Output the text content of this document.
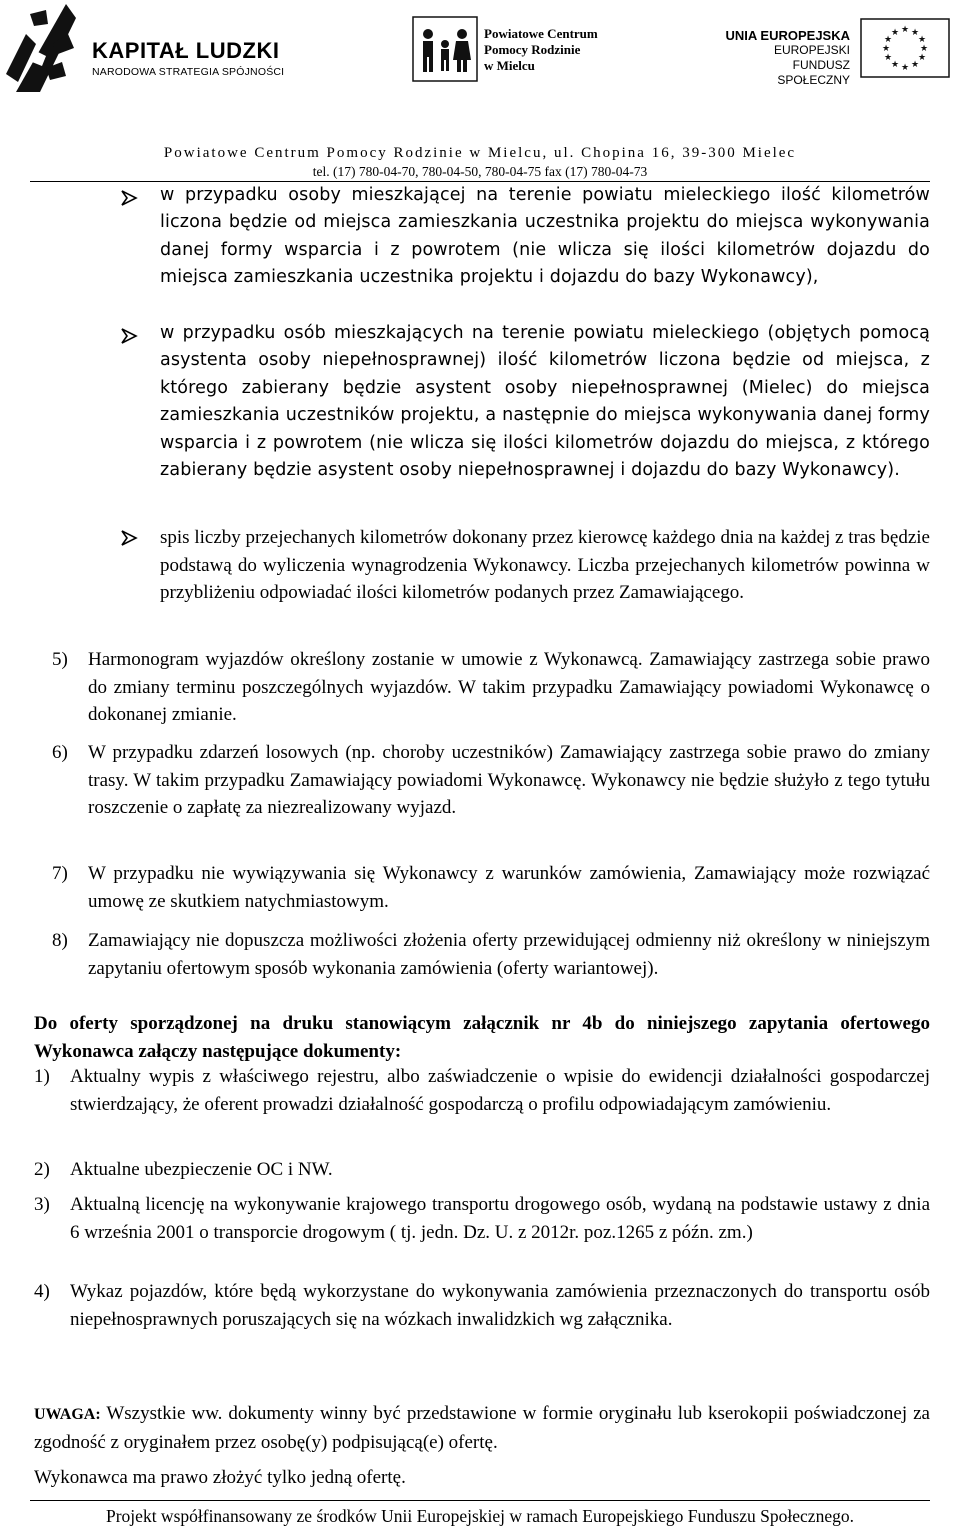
KAPITAŁ LUDZKI
NARODOWA STRATEGIA SPÓJNOŚCI
Powiatowe Centrum
Pomocy Rodzinie
w Mielcu
UNIA EUROPEJSKA
EUROPEJSKI
FUNDUSZ SPOŁECZNY
★ ★
★
★
★
★
★
★
★
★
★
★
Powiatowe Centrum Pomocy Rodzinie w Mielcu, ul. Chopina 16, 39-300 Mielec
tel. (17) 780-04-70, 780-04-50, 780-04-75 fax (17) 780-04-73
w przypadku osoby mieszkającej na terenie powiatu mieleckiego ilość kilometrów liczona będzie od miejsca zamieszkania uczestnika projektu do miejsca wykonywania danej formy wsparcia i z powrotem (nie wlicza się ilości kilometrów dojazdu do miejsca zamieszkania uczestnika projektu i dojazdu do bazy Wykonawcy),
w przypadku osób mieszkających na terenie powiatu mieleckiego (objętych pomocą asystenta osoby niepełnosprawnej) ilość kilometrów liczona będzie od miejsca, z którego zabierany będzie asystent osoby niepełnosprawnej (Mielec) do miejsca zamieszkania uczestników projektu, a następnie do miejsca wykonywania danej formy wsparcia i z powrotem (nie wlicza się ilości kilometrów dojazdu do miejsca, z którego zabierany będzie asystent osoby niepełnosprawnej i dojazdu do bazy Wykonawcy).
spis liczby przejechanych kilometrów dokonany przez kierowcę każdego dnia na każdej z tras będzie podstawą do wyliczenia wynagrodzenia Wykonawcy. Liczba przejechanych kilometrów powinna w przybliżeniu odpowiadać ilości kilometrów podanych przez Zamawiającego.
5) Harmonogram wyjazdów określony zostanie w umowie z Wykonawcą. Zamawiający zastrzega sobie prawo do zmiany terminu poszczególnych wyjazdów. W takim przypadku Zamawiający powiadomi Wykonawcę o dokonanej zmianie.
6) W przypadku zdarzeń losowych (np. choroby uczestników) Zamawiający zastrzega sobie prawo do zmiany trasy. W takim przypadku Zamawiający powiadomi Wykonawcę. Wykonawcy nie będzie służyło z tego tytułu roszczenie o zapłatę za niezrealizowany wyjazd.
7) W przypadku nie wywiązywania się Wykonawcy z warunków zamówienia, Zamawiający może rozwiązać umowę ze skutkiem natychmiastowym.
8) Zamawiający nie dopuszcza możliwości złożenia oferty przewidującej odmienny niż określony w niniejszym zapytaniu ofertowym sposób wykonania zamówienia (oferty wariantowej).
Do oferty sporządzonej na druku stanowiącym załącznik nr 4b do niniejszego zapytania ofertowego Wykonawca załączy następujące dokumenty:
1) Aktualny wypis z właściwego rejestru, albo zaświadczenie o wpisie do ewidencji działalności gospodarczej stwierdzający, że oferent prowadzi działalność gospodarczą o profilu odpowiadającym zamówieniu.
2) Aktualne ubezpieczenie OC i NW.
3) Aktualną licencję na wykonywanie krajowego transportu drogowego osób, wydaną na podstawie ustawy z dnia 6 września 2001 o transporcie drogowym ( tj. jedn. Dz. U. z 2012r. poz.1265 z późn. zm.)
4) Wykaz pojazdów, które będą wykorzystane do wykonywania zamówienia przeznaczonych do transportu osób niepełnosprawnych poruszających się na wózkach inwalidzkich wg załącznika.
UWAGA: Wszystkie ww. dokumenty winny być przedstawione w formie oryginału lub kserokopii poświadczonej za zgodność z oryginałem przez osobę(y) podpisującą(e) ofertę.
Wykonawca ma prawo złożyć tylko jedną ofertę.
Projekt współfinansowany ze środków Unii Europejskiej w ramach Europejskiego Funduszu Społecznego.
